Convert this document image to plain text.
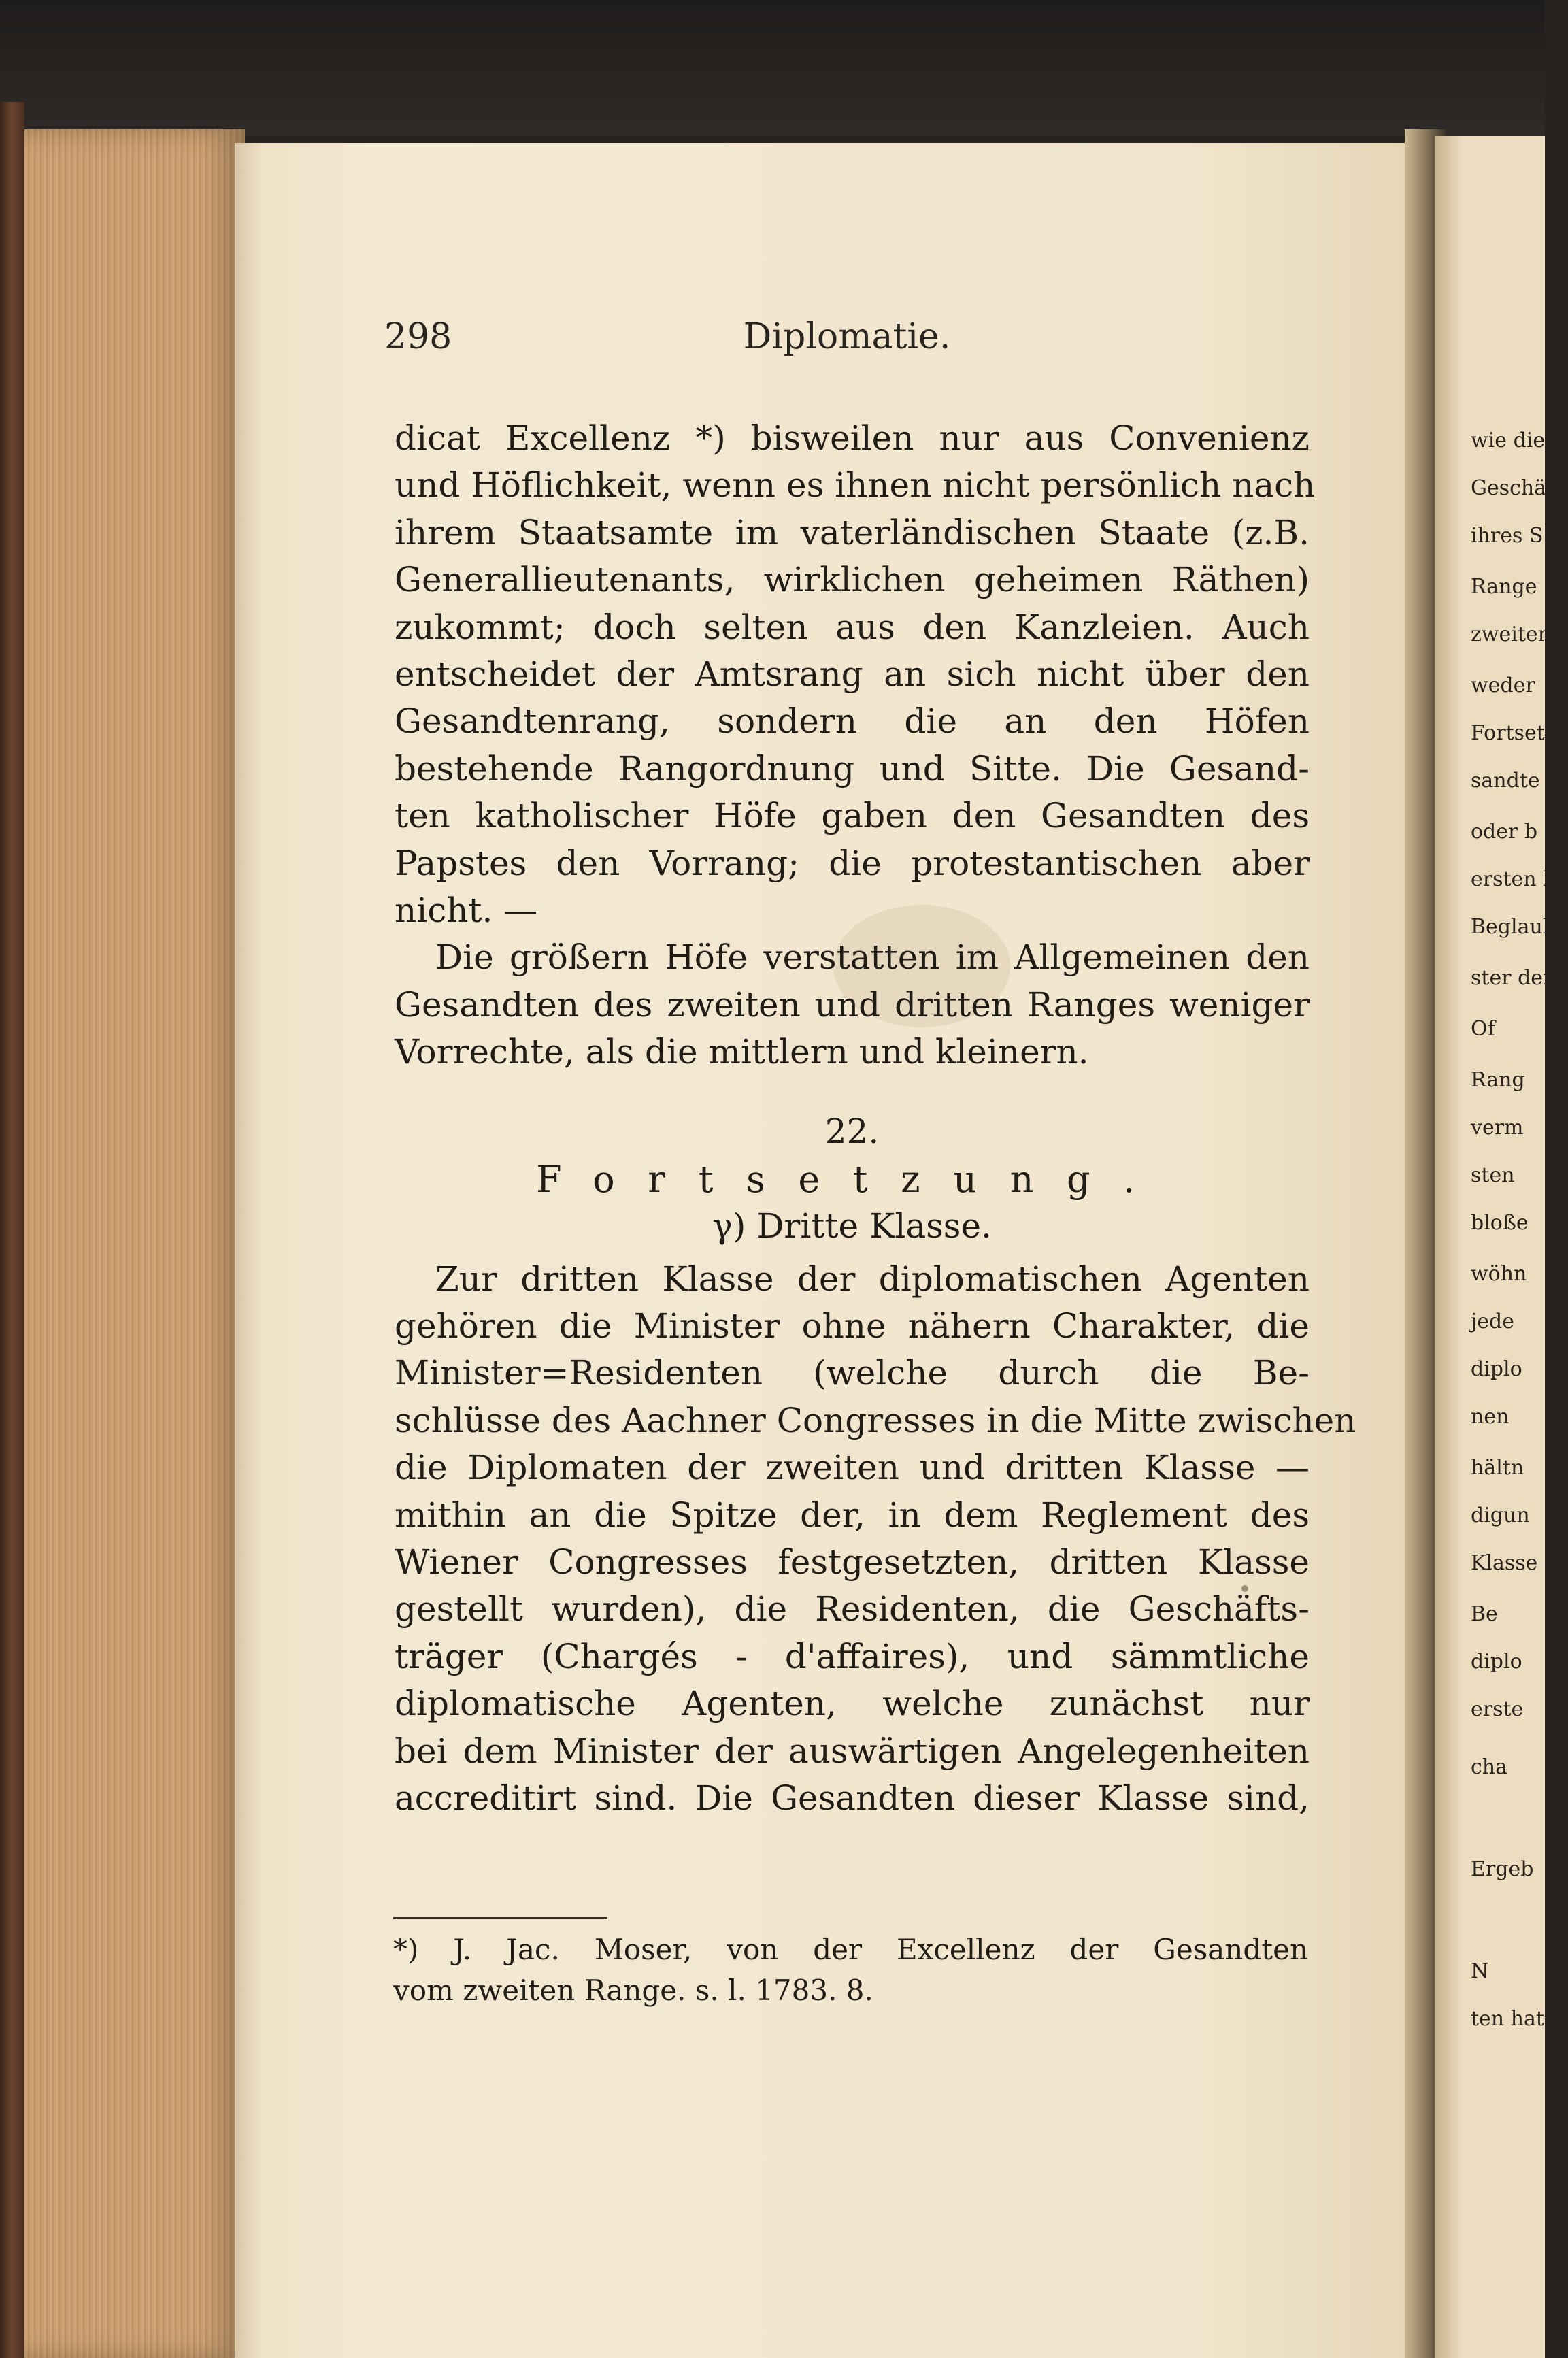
wie die
Geschäft
ihres S
Range
zweiten
weder
Fortsetz
sandte
oder b
ersten be
Beglaub
ster der
Of
Rang
verm
sten
bloße
wöhn
jede
diplo
nen
hältn
digun
Klasse
Be
diplo
erste
cha
Ergeb
N
ten hat
298	Diplomatie.
dicat Excellenz *) bisweilen nur aus Convenienz
und Höflichkeit, wenn es ihnen nicht persönlich nach
ihrem Staatsamte im vaterländischen Staate (z.B.
Generallieutenants, wirklichen geheimen Räthen)
zukommt; doch selten aus den Kanzleien. Auch
entscheidet der Amtsrang an sich nicht über den
Gesandtenrang, sondern die an den Höfen
bestehende Rangordnung und Sitte. Die Gesand-
ten katholischer Höfe gaben den Gesandten des
Papstes den Vorrang; die protestantischen aber
nicht. —
Die größern Höfe verstatten im Allgemeinen den
Gesandten des zweiten und dritten Ranges weniger
Vorrechte, als die mittlern und kleinern.
22.
Fortsetzung.
γ) Dritte Klasse.
Zur dritten Klasse der diplomatischen Agenten
gehören die Minister ohne nähern Charakter, die
Minister=Residenten (welche durch die Be-
schlüsse des Aachner Congresses in die Mitte zwischen
die Diplomaten der zweiten und dritten Klasse —
mithin an die Spitze der, in dem Reglement des
Wiener Congresses festgesetzten, dritten Klasse
gestellt wurden), die Residenten, die Geschäfts-
träger (Chargés - d'affaires), und sämmtliche
diplomatische Agenten, welche zunächst nur
bei dem Minister der auswärtigen Angelegenheiten
accreditirt sind. Die Gesandten dieser Klasse sind,
*) J. Jac. Moser, von der Excellenz der Gesandten
vom zweiten Range. s. l. 1783. 8.
